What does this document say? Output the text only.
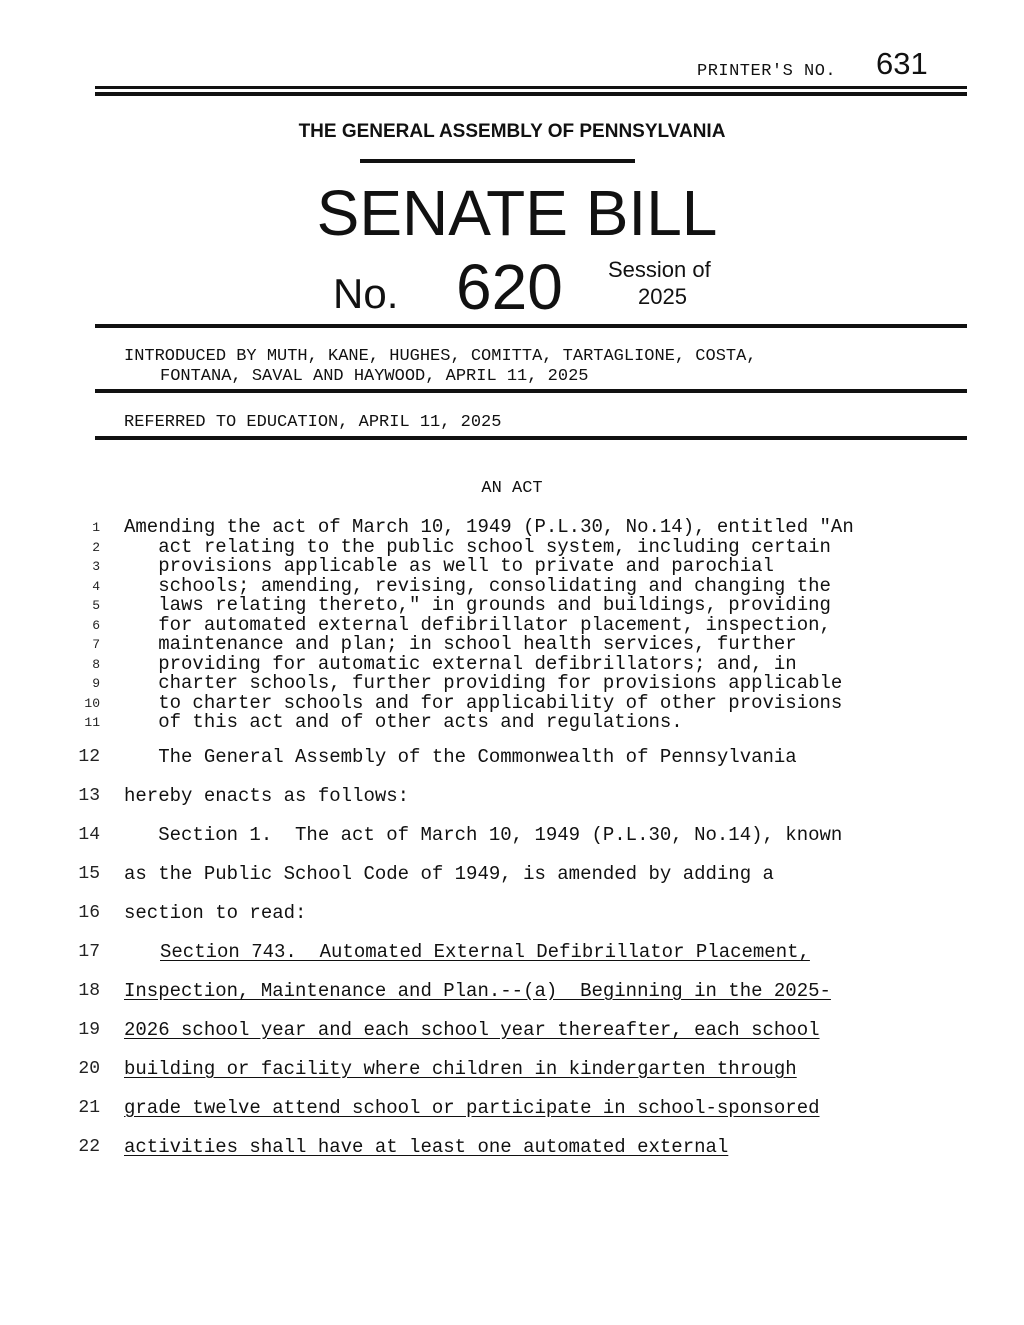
PRINTER'S NO. 631
THE GENERAL ASSEMBLY OF PENNSYLVANIA
SENATE BILL
No. 620 Session of
2025
INTRODUCED BY MUTH, KANE, HUGHES, COMITTA, TARTAGLIONE, COSTA,
FONTANA, SAVAL AND HAYWOOD, APRIL 11, 2025
REFERRED TO EDUCATION, APRIL 11, 2025
AN ACT
1 Amending the act of March 10, 1949 (P.L.30, No.14), entitled "An
2 act relating to the public school system, including certain
3 provisions applicable as well to private and parochial
4 schools; amending, revising, consolidating and changing the
5 laws relating thereto," in grounds and buildings, providing
6 for automated external defibrillator placement, inspection,
7 maintenance and plan; in school health services, further
8 providing for automatic external defibrillators; and, in
9 charter schools, further providing for provisions applicable
10 to charter schools and for applicability of other provisions
11 of this act and of other acts and regulations.
12 The General Assembly of the Commonwealth of Pennsylvania
13 hereby enacts as follows:
14 Section 1.  The act of March 10, 1949 (P.L.30, No.14), known
15 as the Public School Code of 1949, is amended by adding a
16 section to read:
17	Section 743.  Automated External Defibrillator Placement,
18 Inspection, Maintenance and Plan.--(a)  Beginning in the 2025-
19 2026 school year and each school year thereafter, each school
20 building or facility where children in kindergarten through
21 grade twelve attend school or participate in school-sponsored
22 activities shall have at least one automated external
